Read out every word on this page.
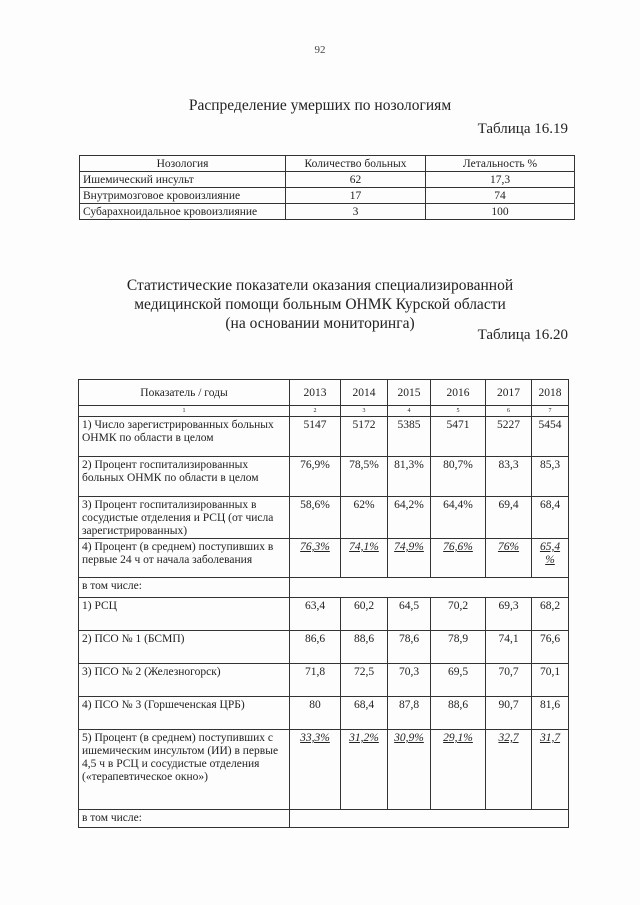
92
Распределение умерших по нозологиям
Таблица 16.19
Нозология	Количество больных	Летальность %
Ишемический инсульт	62	17,3
Внутримозговое кровоизлияние	17	74
Субарахноидальное кровоизлияние	3	100
Статистические показатели оказания специализированной
медицинской помощи больным ОНМК Курской области
(на основании мониторинга)
Таблица 16.20
Показатель / годы	2013	2014	2015	2016	2017	2018
1	2	3	4	5	6	7
1) Число зарегистрированных больных ОНМК по области в целом	5147	5172	5385	5471	5227	5454
2) Процент госпитализированных больных ОНМК по области в целом	76,9%	78,5%	81,3%	80,7%	83,3	85,3
3) Процент госпитализированных в сосудистые отделения и РСЦ (от числа зарегистрированных)	58,6%	62%	64,2%	64,4%	69,4	68,4
4) Процент (в среднем) поступивших в первые 24 ч от начала заболевания	76,3%	74,1%	74,9%	76,6%	76%	65,4 %
в том числе:						
1) РСЦ	63,4	60,2	64,5	70,2	69,3	68,2
2) ПСО № 1 (БСМП)	86,6	88,6	78,6	78,9	74,1	76,6
3) ПСО № 2 (Железногорск)	71,8	72,5	70,3	69,5	70,7	70,1
4) ПСО № 3 (Горшеченская ЦРБ)	80	68,4	87,8	88,6	90,7	81,6
5) Процент (в среднем) поступивших с ишемическим инсультом (ИИ) в первые 4,5 ч в РСЦ и сосудистые отделения («терапевтическое окно»)	33,3%	31,2%	30,9%	29,1%	32,7	31,7
в том числе:						
